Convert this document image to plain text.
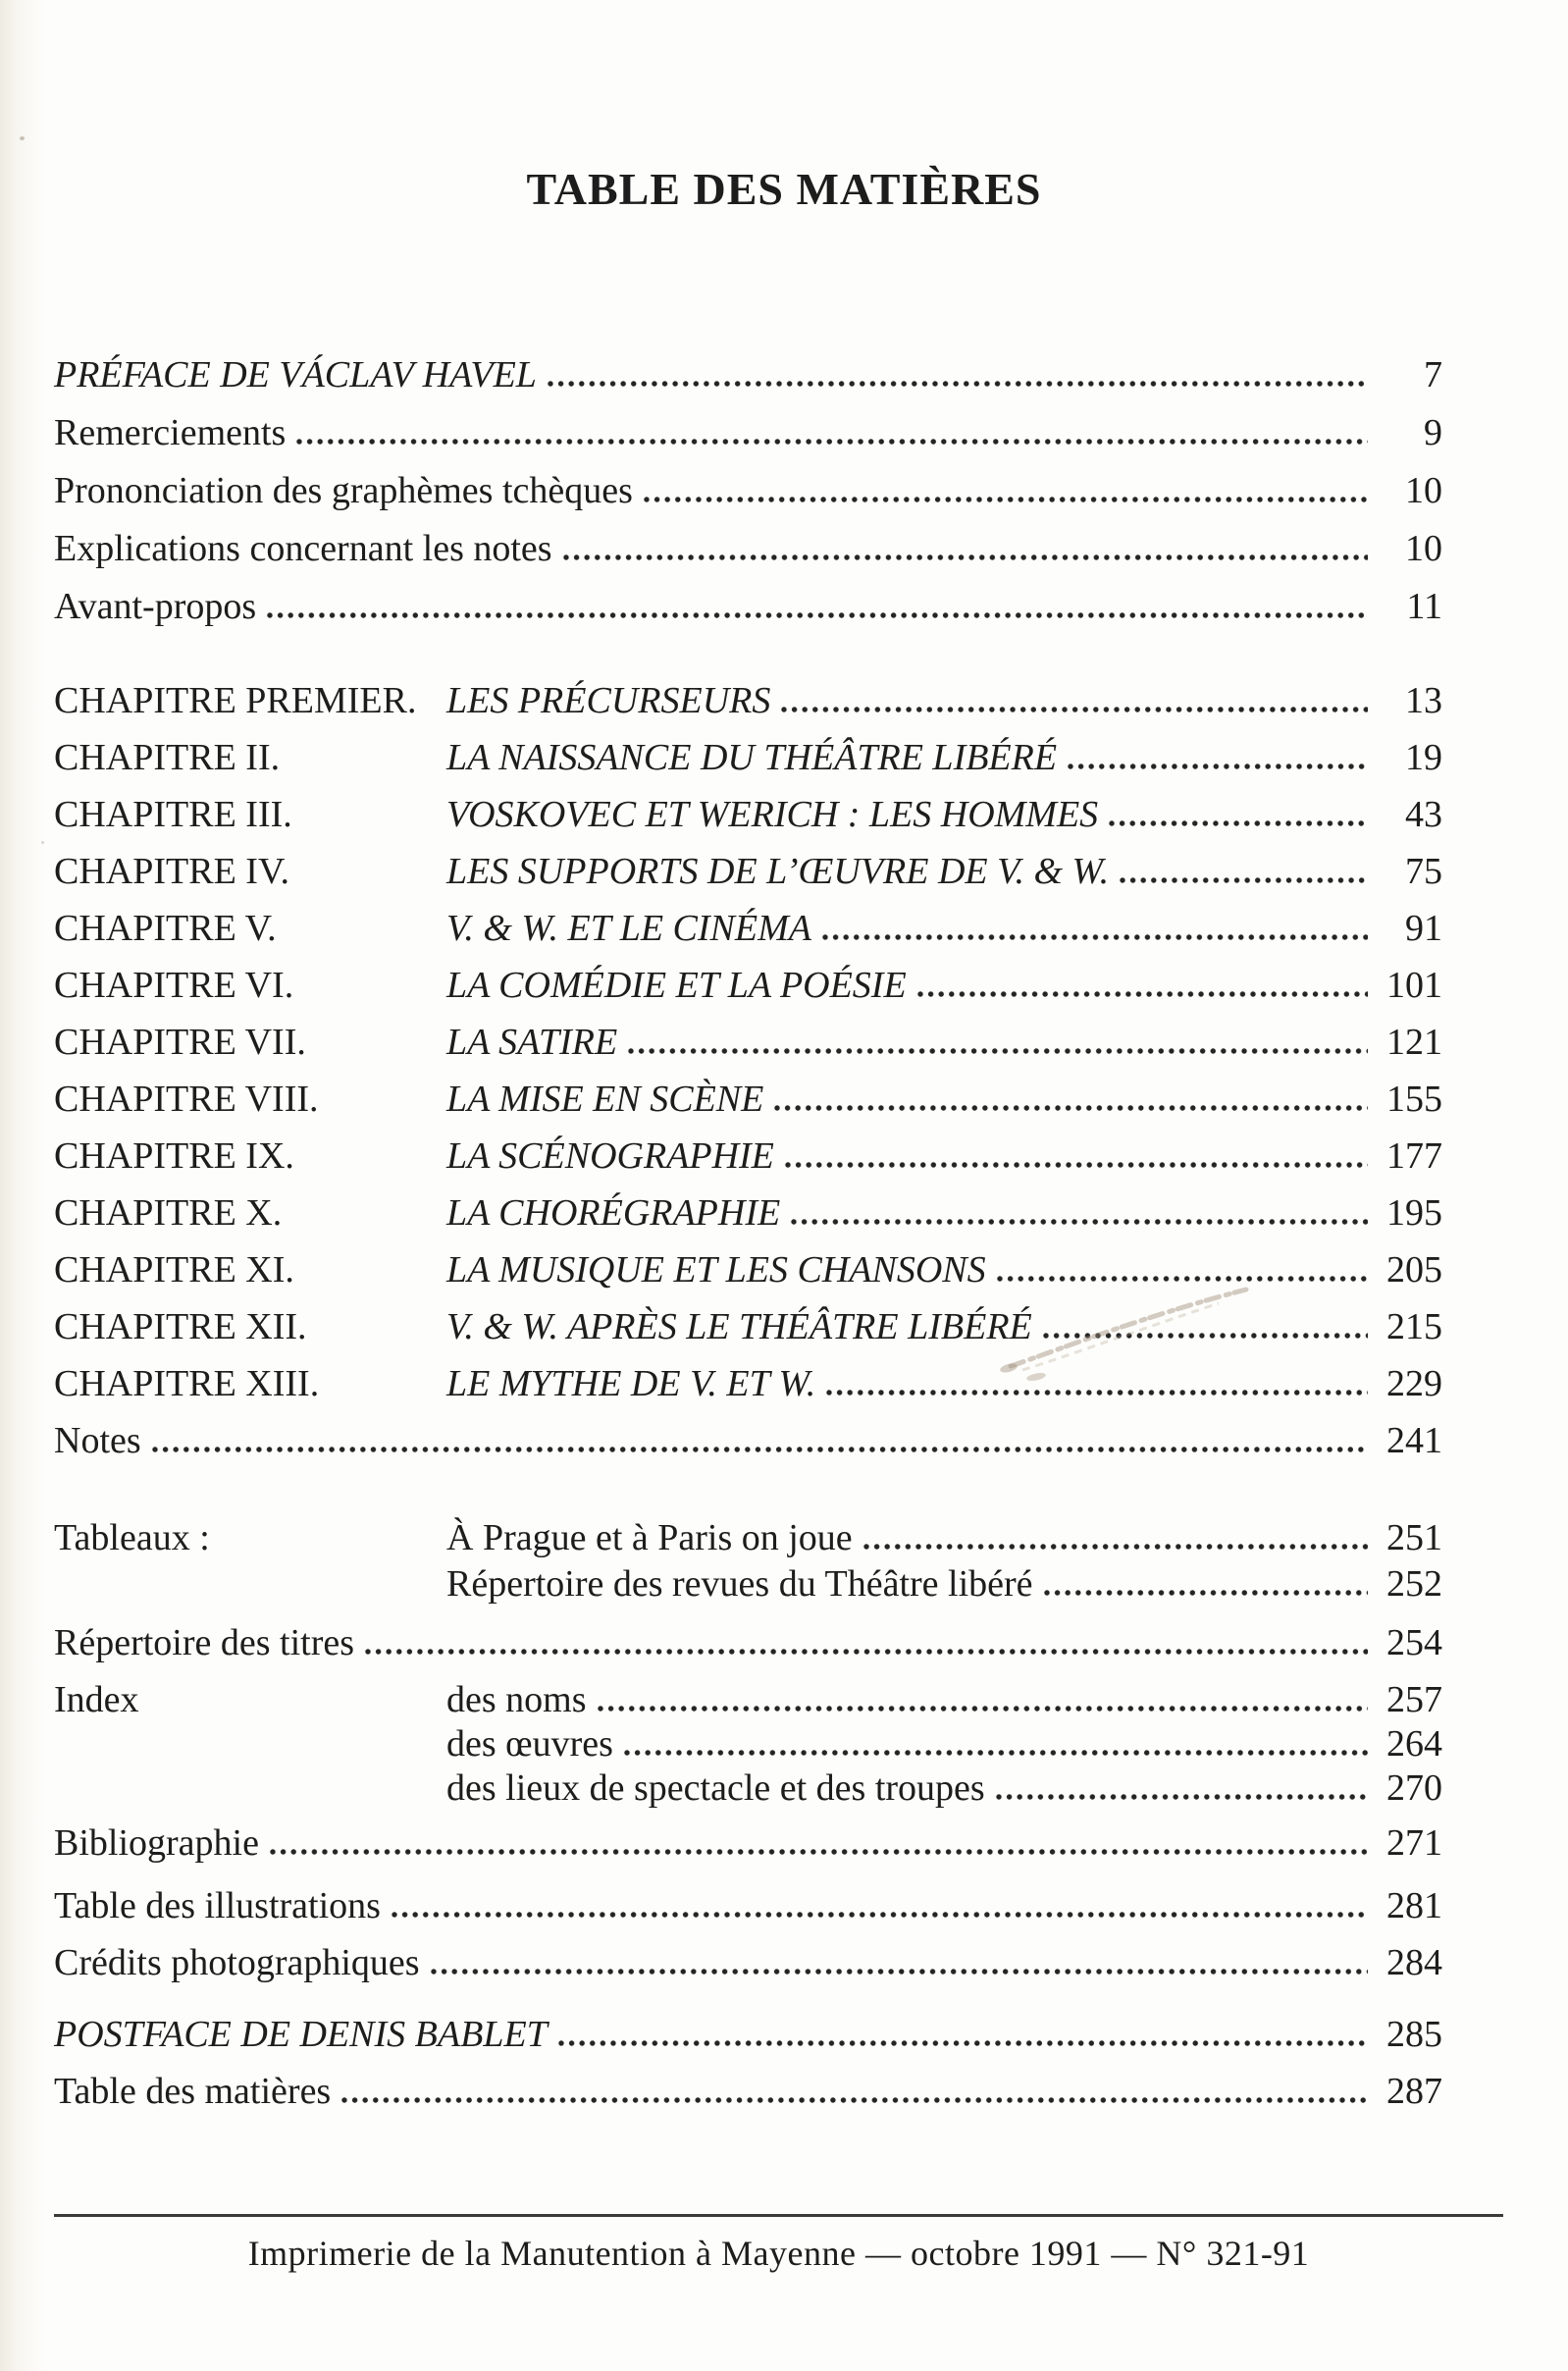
TABLE DES MATIÈRES
PRÉFACE DE VÁCLAV HAVEL	7
Remerciements	9
Prononciation des graphèmes tchèques	10
Explications concernant les notes	10
Avant-propos	11
CHAPITRE PREMIER. LES PRÉCURSEURS	13
CHAPITRE II.	LA NAISSANCE DU THÉÂTRE LIBÉRÉ	19
CHAPITRE III.	VOSKOVEC ET WERICH : LES HOMMES	43
CHAPITRE IV.	LES SUPPORTS DE L’ŒUVRE DE V. & W.	75
CHAPITRE V.	V. & W. ET LE CINÉMA	91
CHAPITRE VI.	LA COMÉDIE ET LA POÉSIE	101
CHAPITRE VII.	LA SATIRE	121
CHAPITRE VIII.	LA MISE EN SCÈNE	155
CHAPITRE IX.	LA SCÉNOGRAPHIE	177
CHAPITRE X.	LA CHORÉGRAPHIE	195
CHAPITRE XI.	LA MUSIQUE ET LES CHANSONS	205
CHAPITRE XII.	V. & W. APRÈS LE THÉÂTRE LIBÉRÉ	215
CHAPITRE XIII.	LE MYTHE DE V. ET W.	229
Notes	241
Tableaux :	À Prague et à Paris on joue	251
Répertoire des revues du Théâtre libéré	252
Répertoire des titres	254
Index	des noms	257
des œuvres	264
des lieux de spectacle et des troupes	270
Bibliographie	271
Table des illustrations	281
Crédits photographiques	284
POSTFACE DE DENIS BABLET	285
Table des matières	287

Imprimerie de la Manutention à Mayenne — octobre 1991 — N° 321-91
